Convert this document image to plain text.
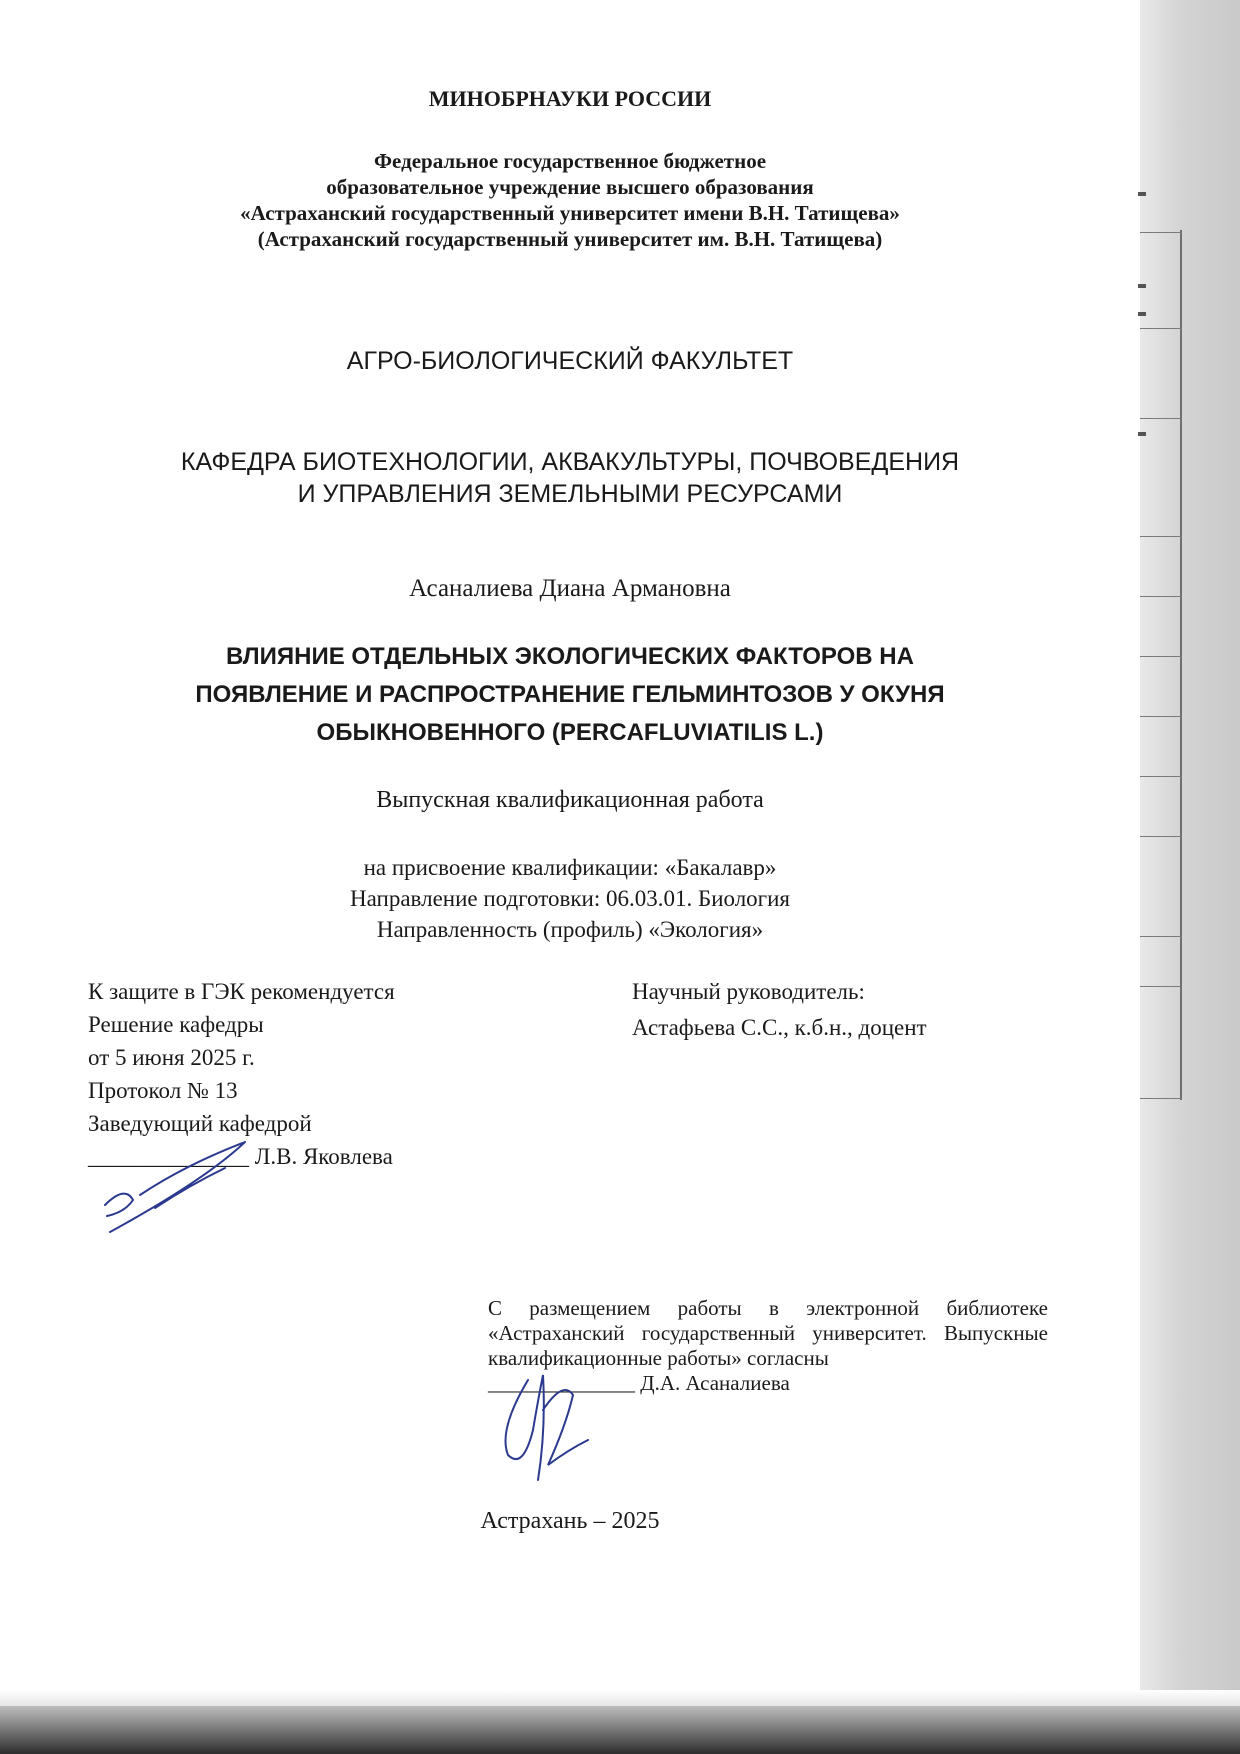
МИНОБРНАУКИ РОССИИ
Федеральное государственное бюджетное
образовательное учреждение высшего образования
«Астраханский государственный университет имени В.Н. Татищева»
(Астраханский государственный университет им. В.Н. Татищева)
АГРО-БИОЛОГИЧЕСКИЙ ФАКУЛЬТЕТ
КАФЕДРА БИОТЕХНОЛОГИИ, АКВАКУЛЬТУРЫ, ПОЧВОВЕДЕНИЯ
И УПРАВЛЕНИЯ ЗЕМЕЛЬНЫМИ РЕСУРСАМИ
Асаналиева Диана Армановна
ВЛИЯНИЕ ОТДЕЛЬНЫХ ЭКОЛОГИЧЕСКИХ ФАКТОРОВ НА
ПОЯВЛЕНИЕ И РАСПРОСТРАНЕНИЕ ГЕЛЬМИНТОЗОВ У ОКУНЯ
ОБЫКНОВЕННОГО (PERCAFLUVIATILIS L.)
Выпускная квалификационная работа
на присвоение квалификации: «Бакалавр»
Направление подготовки: 06.03.01. Биология
Направленность (профиль) «Экология»
К защите в ГЭК рекомендуется
Решение кафедры
от 5 июня 2025 г.
Протокол № 13
Заведующий кафедрой
______________ Л.В. Яковлева
Научный руководитель:
Астафьева С.С., к.б.н., доцент
С размещением работы в электронной библиотеке «Астраханский государственный университет. Выпускные квалификационные работы» согласны
______________ Д.А. Асаналиева
Астрахань – 2025
